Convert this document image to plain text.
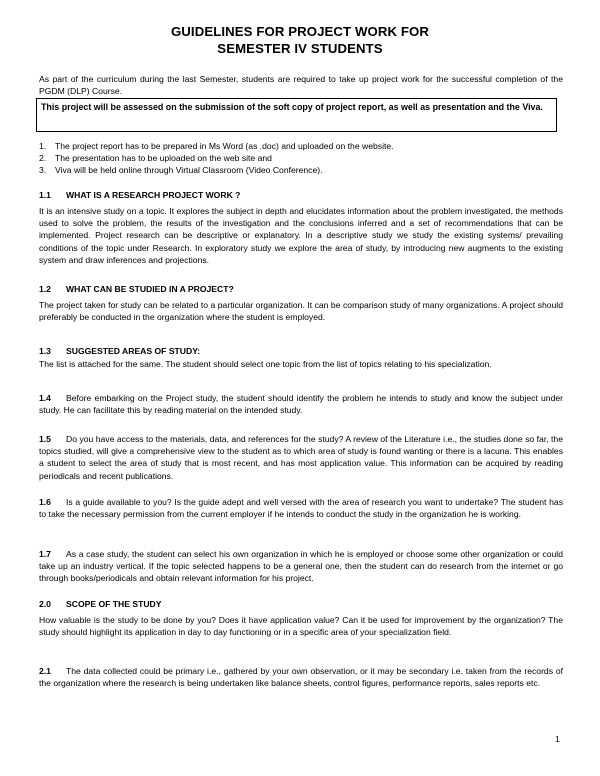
GUIDELINES FOR PROJECT WORK FOR
SEMESTER IV STUDENTS
As part of the curriculum during the last Semester, students are required to take up project work for the successful completion of the PGDM (DLP) Course.
This project will be assessed on the submission of the soft copy of project report, as well as presentation and the Viva.
1. The project report has to be prepared in Ms Word (as .doc) and uploaded on the website.
2. The presentation has to be uploaded on the web site and
3. Viva will be held online through Virtual Classroom (Video Conference).
1.1 WHAT IS A RESEARCH PROJECT WORK ?
It is an intensive study on a topic. It explores the subject in depth and elucidates information about the problem investigated, the methods used to solve the problem, the results of the investigation and the conclusions inferred and a set of recommendations that can be implemented. Project research can be descriptive or explanatory. In a descriptive study we study the existing systems/ prevailing conditions of the topic under Research. In exploratory study we explore the area of study, by introducing new augments to the existing system and draw inferences and projections.
1.2 WHAT CAN BE STUDIED IN A PROJECT?
The project taken for study can be related to a particular organization. It can be comparison study of many organizations. A project should preferably be conducted in the organization where the student is employed.
1.3 SUGGESTED AREAS OF STUDY:
The list is attached for the same. The student should select one topic from the list of topics relating to his specialization.
1.4 Before embarking on the Project study, the student should identify the problem he intends to study and know the subject under study. He can facilitate this by reading material on the intended study.
1.5 Do you have access to the materials, data, and references for the study? A review of the Literature i.e., the studies done so far, the topics studied, will give a comprehensive view to the student as to which area of study is found wanting or there is a lacuna. This enables a student to select the area of study that is most recent, and has most application value. This information can be acquired by reading periodicals and recent publications.
1.6 Is a guide available to you? Is the guide adept and well versed with the area of research you want to undertake? The student has to take the necessary permission from the current employer if he intends to conduct the study in the organization he is working.
1.7 As a case study, the student can select his own organization in which he is employed or choose some other organization or could take up an industry vertical. If the topic selected happens to be a general one, then the student can do research from the internet or go through books/periodicals and obtain relevant information for his project.
2.0 SCOPE OF THE STUDY
How valuable is the study to be done by you? Does it have application value? Can it be used for improvement by the organization? The study should highlight its application in day to day functioning or in a specific area of your specialization field.
2.1 The data collected could be primary i.e., gathered by your own observation, or it may be secondary i.e. taken from the records of the organization where the research is being undertaken like balance sheets, control figures, performance reports, sales reports etc.
1
